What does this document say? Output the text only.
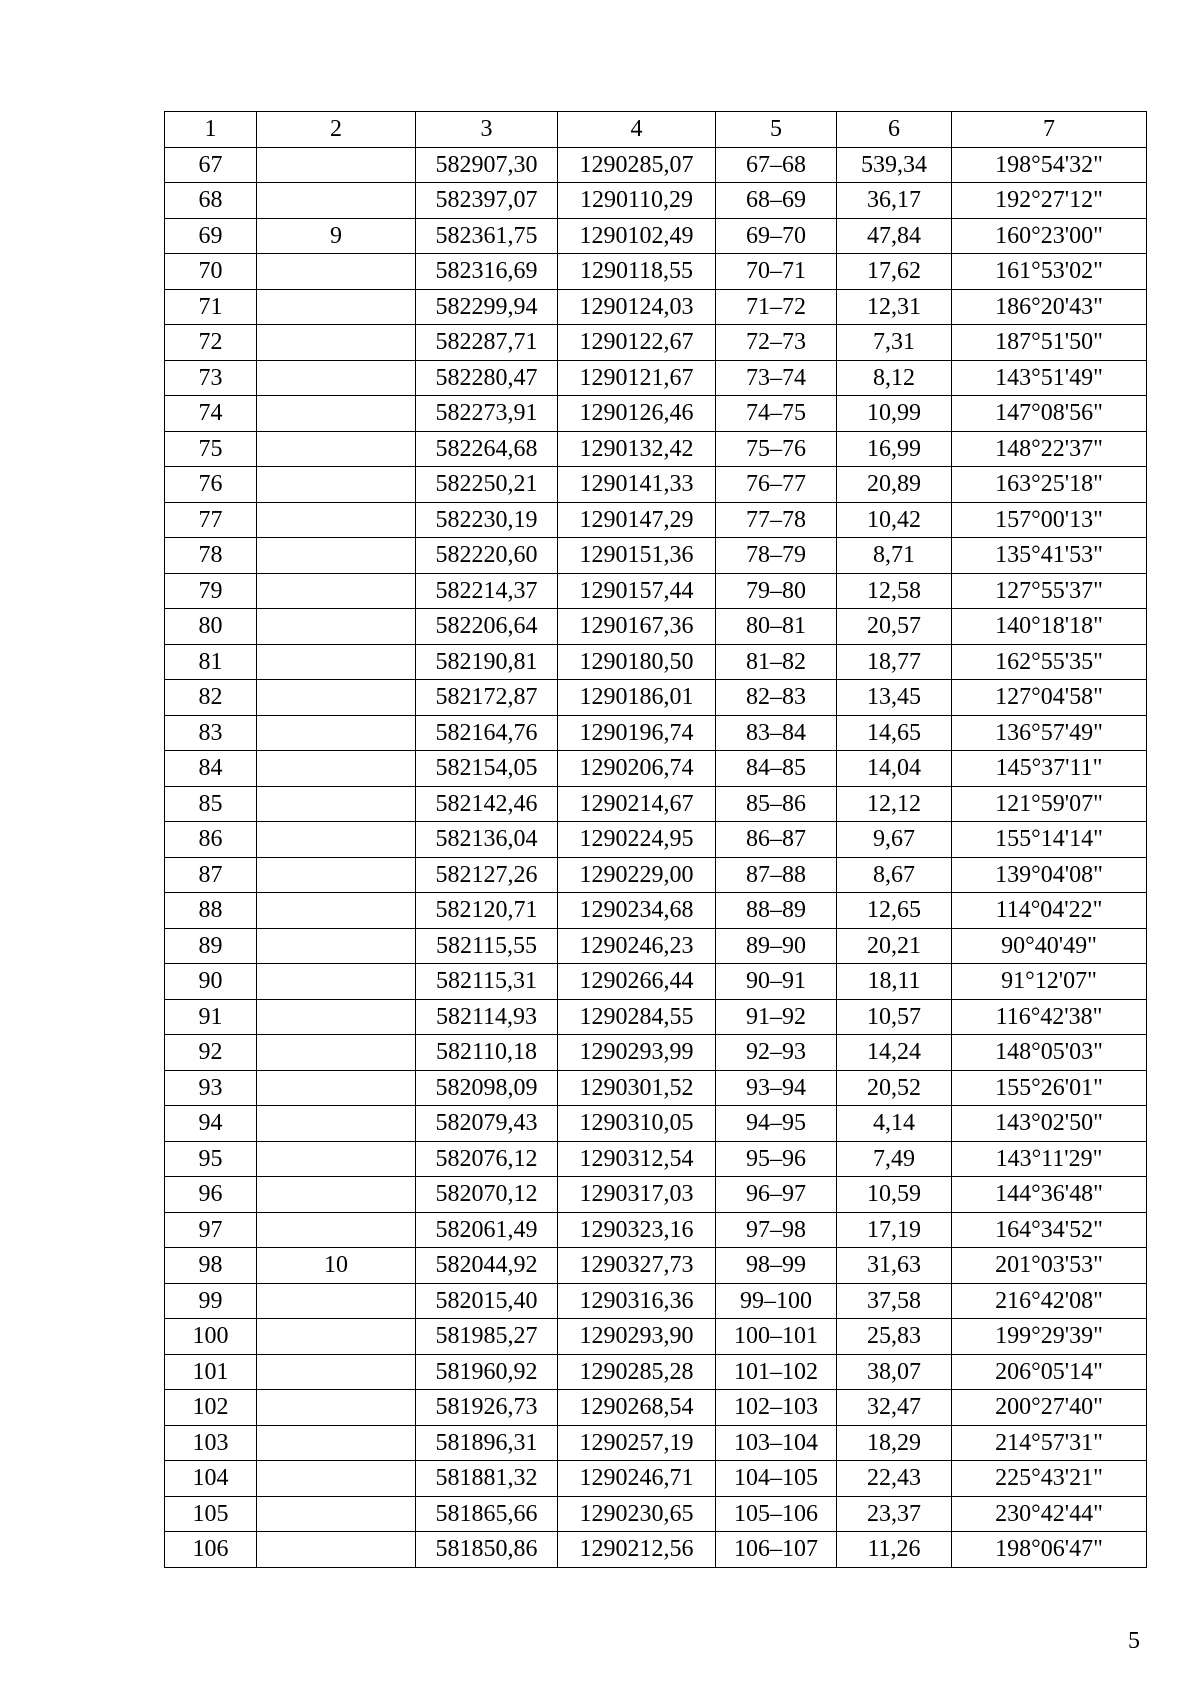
1	2	3	4	5	6	7
67		582907,30	1290285,07	67–68	539,34	198°54'32"
68		582397,07	1290110,29	68–69	36,17	192°27'12"
69	9	582361,75	1290102,49	69–70	47,84	160°23'00"
70		582316,69	1290118,55	70–71	17,62	161°53'02"
71		582299,94	1290124,03	71–72	12,31	186°20'43"
72		582287,71	1290122,67	72–73	7,31	187°51'50"
73		582280,47	1290121,67	73–74	8,12	143°51'49"
74		582273,91	1290126,46	74–75	10,99	147°08'56"
75		582264,68	1290132,42	75–76	16,99	148°22'37"
76		582250,21	1290141,33	76–77	20,89	163°25'18"
77		582230,19	1290147,29	77–78	10,42	157°00'13"
78		582220,60	1290151,36	78–79	8,71	135°41'53"
79		582214,37	1290157,44	79–80	12,58	127°55'37"
80		582206,64	1290167,36	80–81	20,57	140°18'18"
81		582190,81	1290180,50	81–82	18,77	162°55'35"
82		582172,87	1290186,01	82–83	13,45	127°04'58"
83		582164,76	1290196,74	83–84	14,65	136°57'49"
84		582154,05	1290206,74	84–85	14,04	145°37'11"
85		582142,46	1290214,67	85–86	12,12	121°59'07"
86		582136,04	1290224,95	86–87	9,67	155°14'14"
87		582127,26	1290229,00	87–88	8,67	139°04'08"
88		582120,71	1290234,68	88–89	12,65	114°04'22"
89		582115,55	1290246,23	89–90	20,21	90°40'49"
90		582115,31	1290266,44	90–91	18,11	91°12'07"
91		582114,93	1290284,55	91–92	10,57	116°42'38"
92		582110,18	1290293,99	92–93	14,24	148°05'03"
93		582098,09	1290301,52	93–94	20,52	155°26'01"
94		582079,43	1290310,05	94–95	4,14	143°02'50"
95		582076,12	1290312,54	95–96	7,49	143°11'29"
96		582070,12	1290317,03	96–97	10,59	144°36'48"
97		582061,49	1290323,16	97–98	17,19	164°34'52"
98	10	582044,92	1290327,73	98–99	31,63	201°03'53"
99		582015,40	1290316,36	99–100	37,58	216°42'08"
100		581985,27	1290293,90	100–101	25,83	199°29'39"
101		581960,92	1290285,28	101–102	38,07	206°05'14"
102		581926,73	1290268,54	102–103	32,47	200°27'40"
103		581896,31	1290257,19	103–104	18,29	214°57'31"
104		581881,32	1290246,71	104–105	22,43	225°43'21"
105		581865,66	1290230,65	105–106	23,37	230°42'44"
106		581850,86	1290212,56	106–107	11,26	198°06'47"
5
